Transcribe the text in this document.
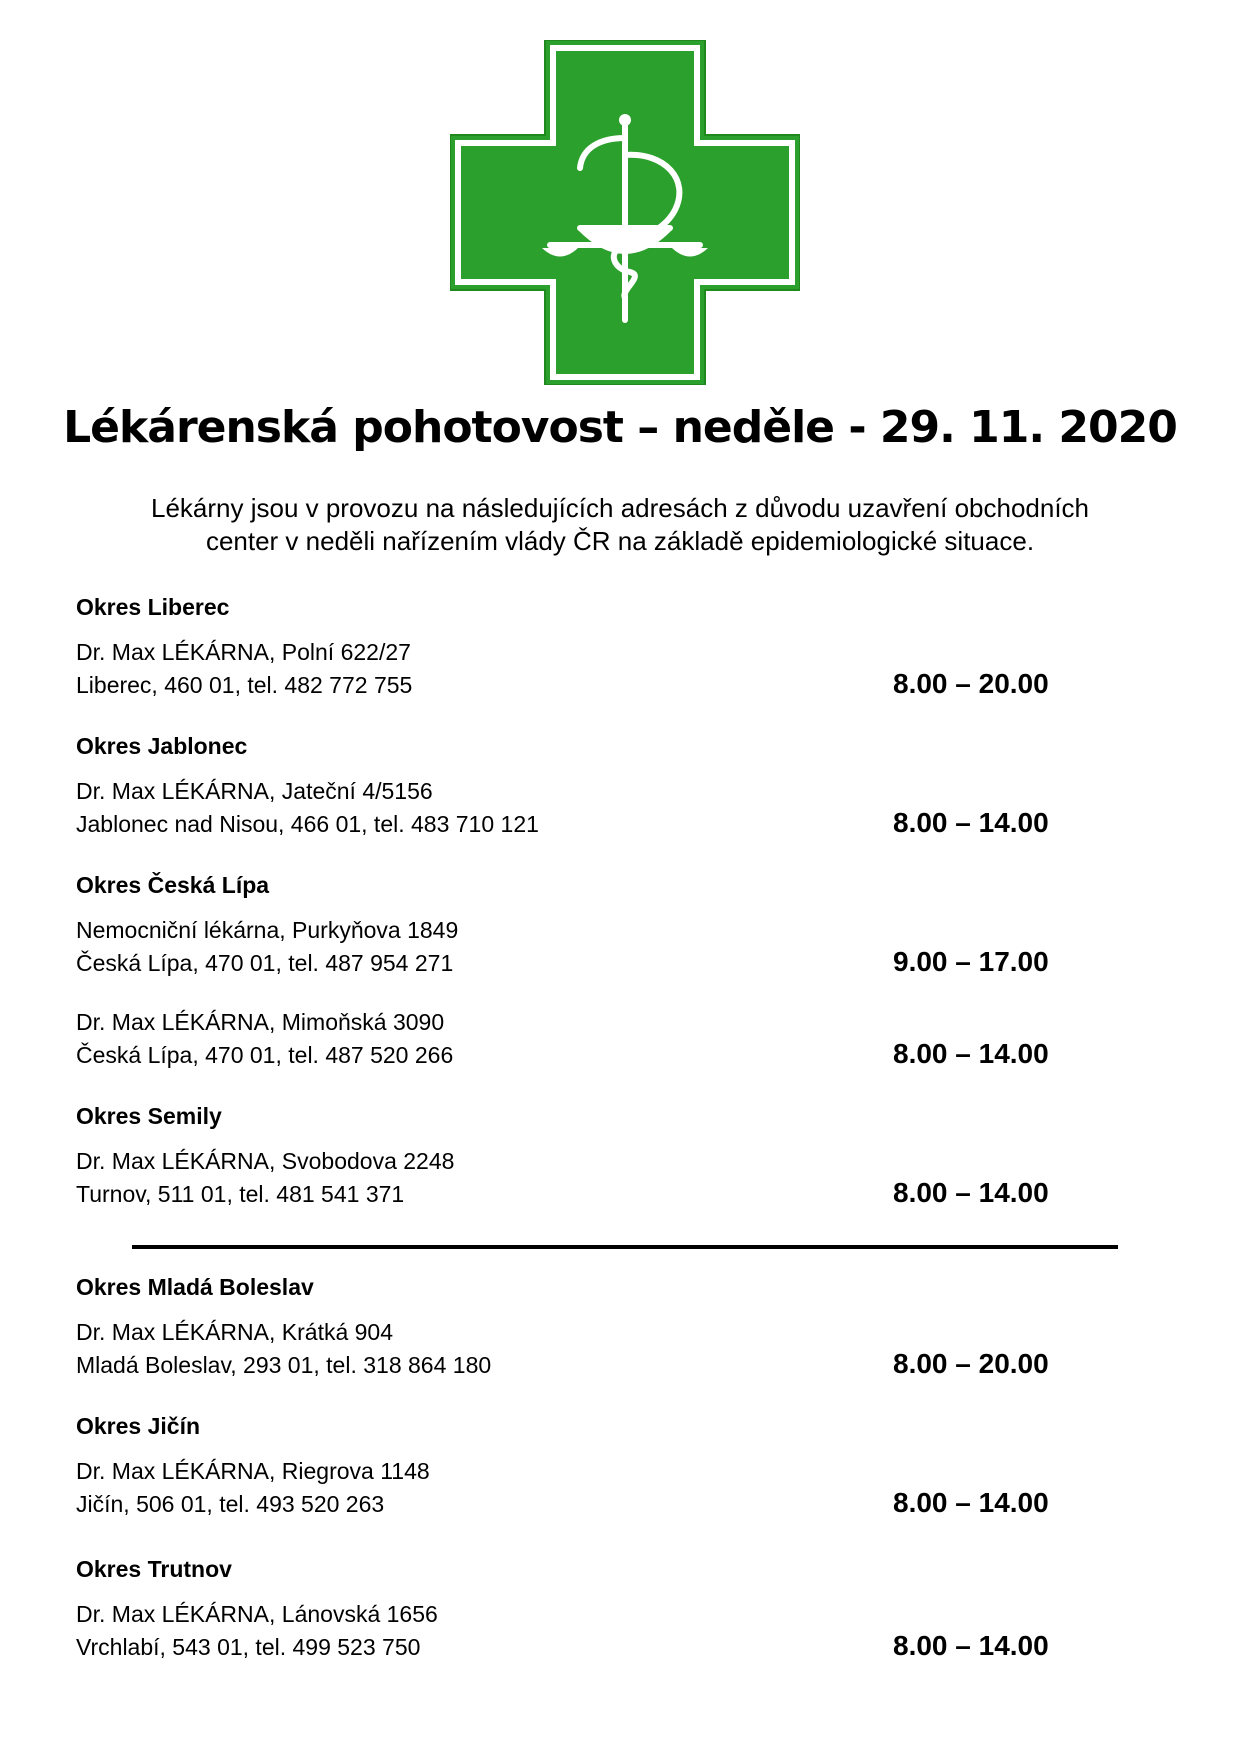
Lékárenská pohotovost – neděle - 29. 11. 2020
Lékárny jsou v provozu na následujících adresách z důvodu uzavření obchodních
center v neděli nařízením vlády ČR na základě epidemiologické situace.
Okres Liberec
Dr. Max LÉKÁRNA, Polní 622/27
Liberec, 460 01, tel. 482 772 755	8.00 – 20.00
Okres Jablonec
Dr. Max LÉKÁRNA, Jateční 4/5156
Jablonec nad Nisou, 466 01, tel. 483 710 121	8.00 – 14.00
Okres Česká Lípa
Nemocniční lékárna, Purkyňova 1849
Česká Lípa, 470 01, tel. 487 954 271	9.00 – 17.00
Dr. Max LÉKÁRNA, Mimoňská 3090
Česká Lípa, 470 01, tel. 487 520 266	8.00 – 14.00
Okres Semily
Dr. Max LÉKÁRNA, Svobodova 2248
Turnov, 511 01, tel. 481 541 371	8.00 – 14.00
Okres Mladá Boleslav
Dr. Max LÉKÁRNA, Krátká 904
Mladá Boleslav, 293 01, tel. 318 864 180	8.00 – 20.00
Okres Jičín
Dr. Max LÉKÁRNA, Riegrova 1148
Jičín, 506 01, tel. 493 520 263	8.00 – 14.00
Okres Trutnov
Dr. Max LÉKÁRNA, Lánovská 1656
Vrchlabí, 543 01, tel. 499 523 750	8.00 – 14.00
